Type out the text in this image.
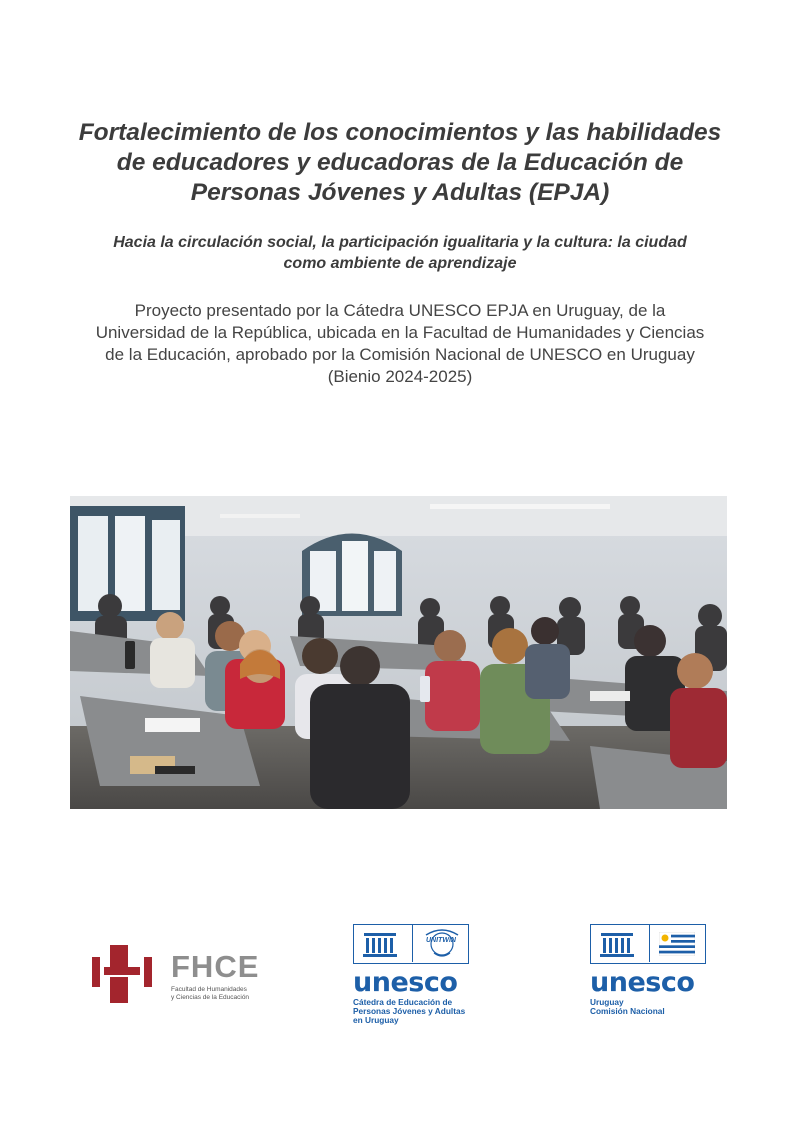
Fortalecimiento de los conocimientos y las habilidades
de educadores y educadoras de la Educación de
Personas Jóvenes y Adultas (EPJA)
Hacia la circulación social, la participación igualitaria y la cultura: la ciudad
como ambiente de aprendizaje

Proyecto presentado por la Cátedra UNESCO EPJA en Uruguay, de la
Universidad de la República, ubicada en la Facultad de Humanidades y Ciencias
de la Educación, aprobado por la Comisión Nacional de UNESCO en Uruguay
(Bienio 2024-2025)

FHCE
Facultad de Humanidades
y Ciencias de la Educación
UNITWIN
unesco
Cátedra de Educación de
Personas Jóvenes y Adultas
en Uruguay
unesco
Uruguay
Comisión Nacional
